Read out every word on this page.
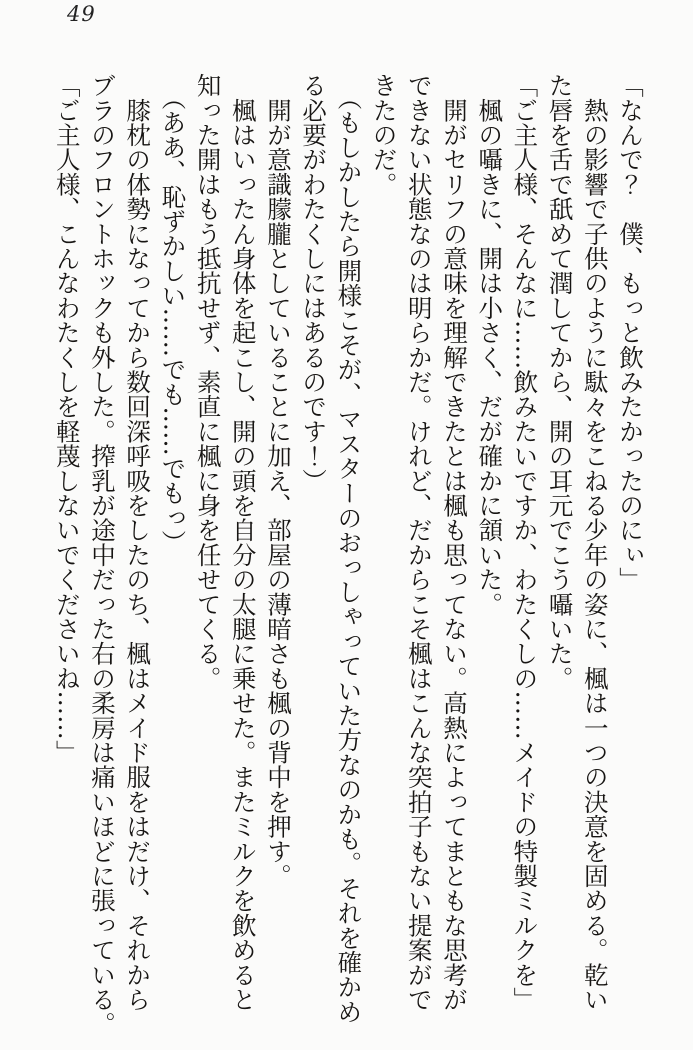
49
「なんで？　僕、もっと飲みたかったのにぃ」
　熱の影響で子供のように駄々をこねる少年の姿に、楓は一つの決意を固める。乾い
た唇を舌で舐めて潤してから、開の耳元でこう囁いた。
「ご主人様、そんなに……飲みたいですか、わたくしの……メイドの特製ミルクを」
　楓の囁きに、開は小さく、だが確かに頷いた。
　開がセリフの意味を理解できたとは楓も思ってない。高熱によってまともな思考が
できない状態なのは明らかだ。けれど、だからこそ楓はこんな突拍子もない提案がで
きたのだ。
　（もしかしたら開様こそが、マスターのおっしゃっていた方なのかも。それを確かめ
る必要がわたくしにはあるのです！）
　開が意識朦朧としていることに加え、部屋の薄暗さも楓の背中を押す。
　楓はいったん身体を起こし、開の頭を自分の太腿に乗せた。またミルクを飲めると
知った開はもう抵抗せず、素直に楓に身を任せてくる。
　（ああ、恥ずかしい……でも……でもっ）
　膝枕の体勢になってから数回深呼吸をしたのち、楓はメイド服をはだけ、それから
ブラのフロントホックも外した。搾乳が途中だった右の柔房は痛いほどに張っている。
「ご主人様、こんなわたくしを軽蔑しないでくださいね……」
